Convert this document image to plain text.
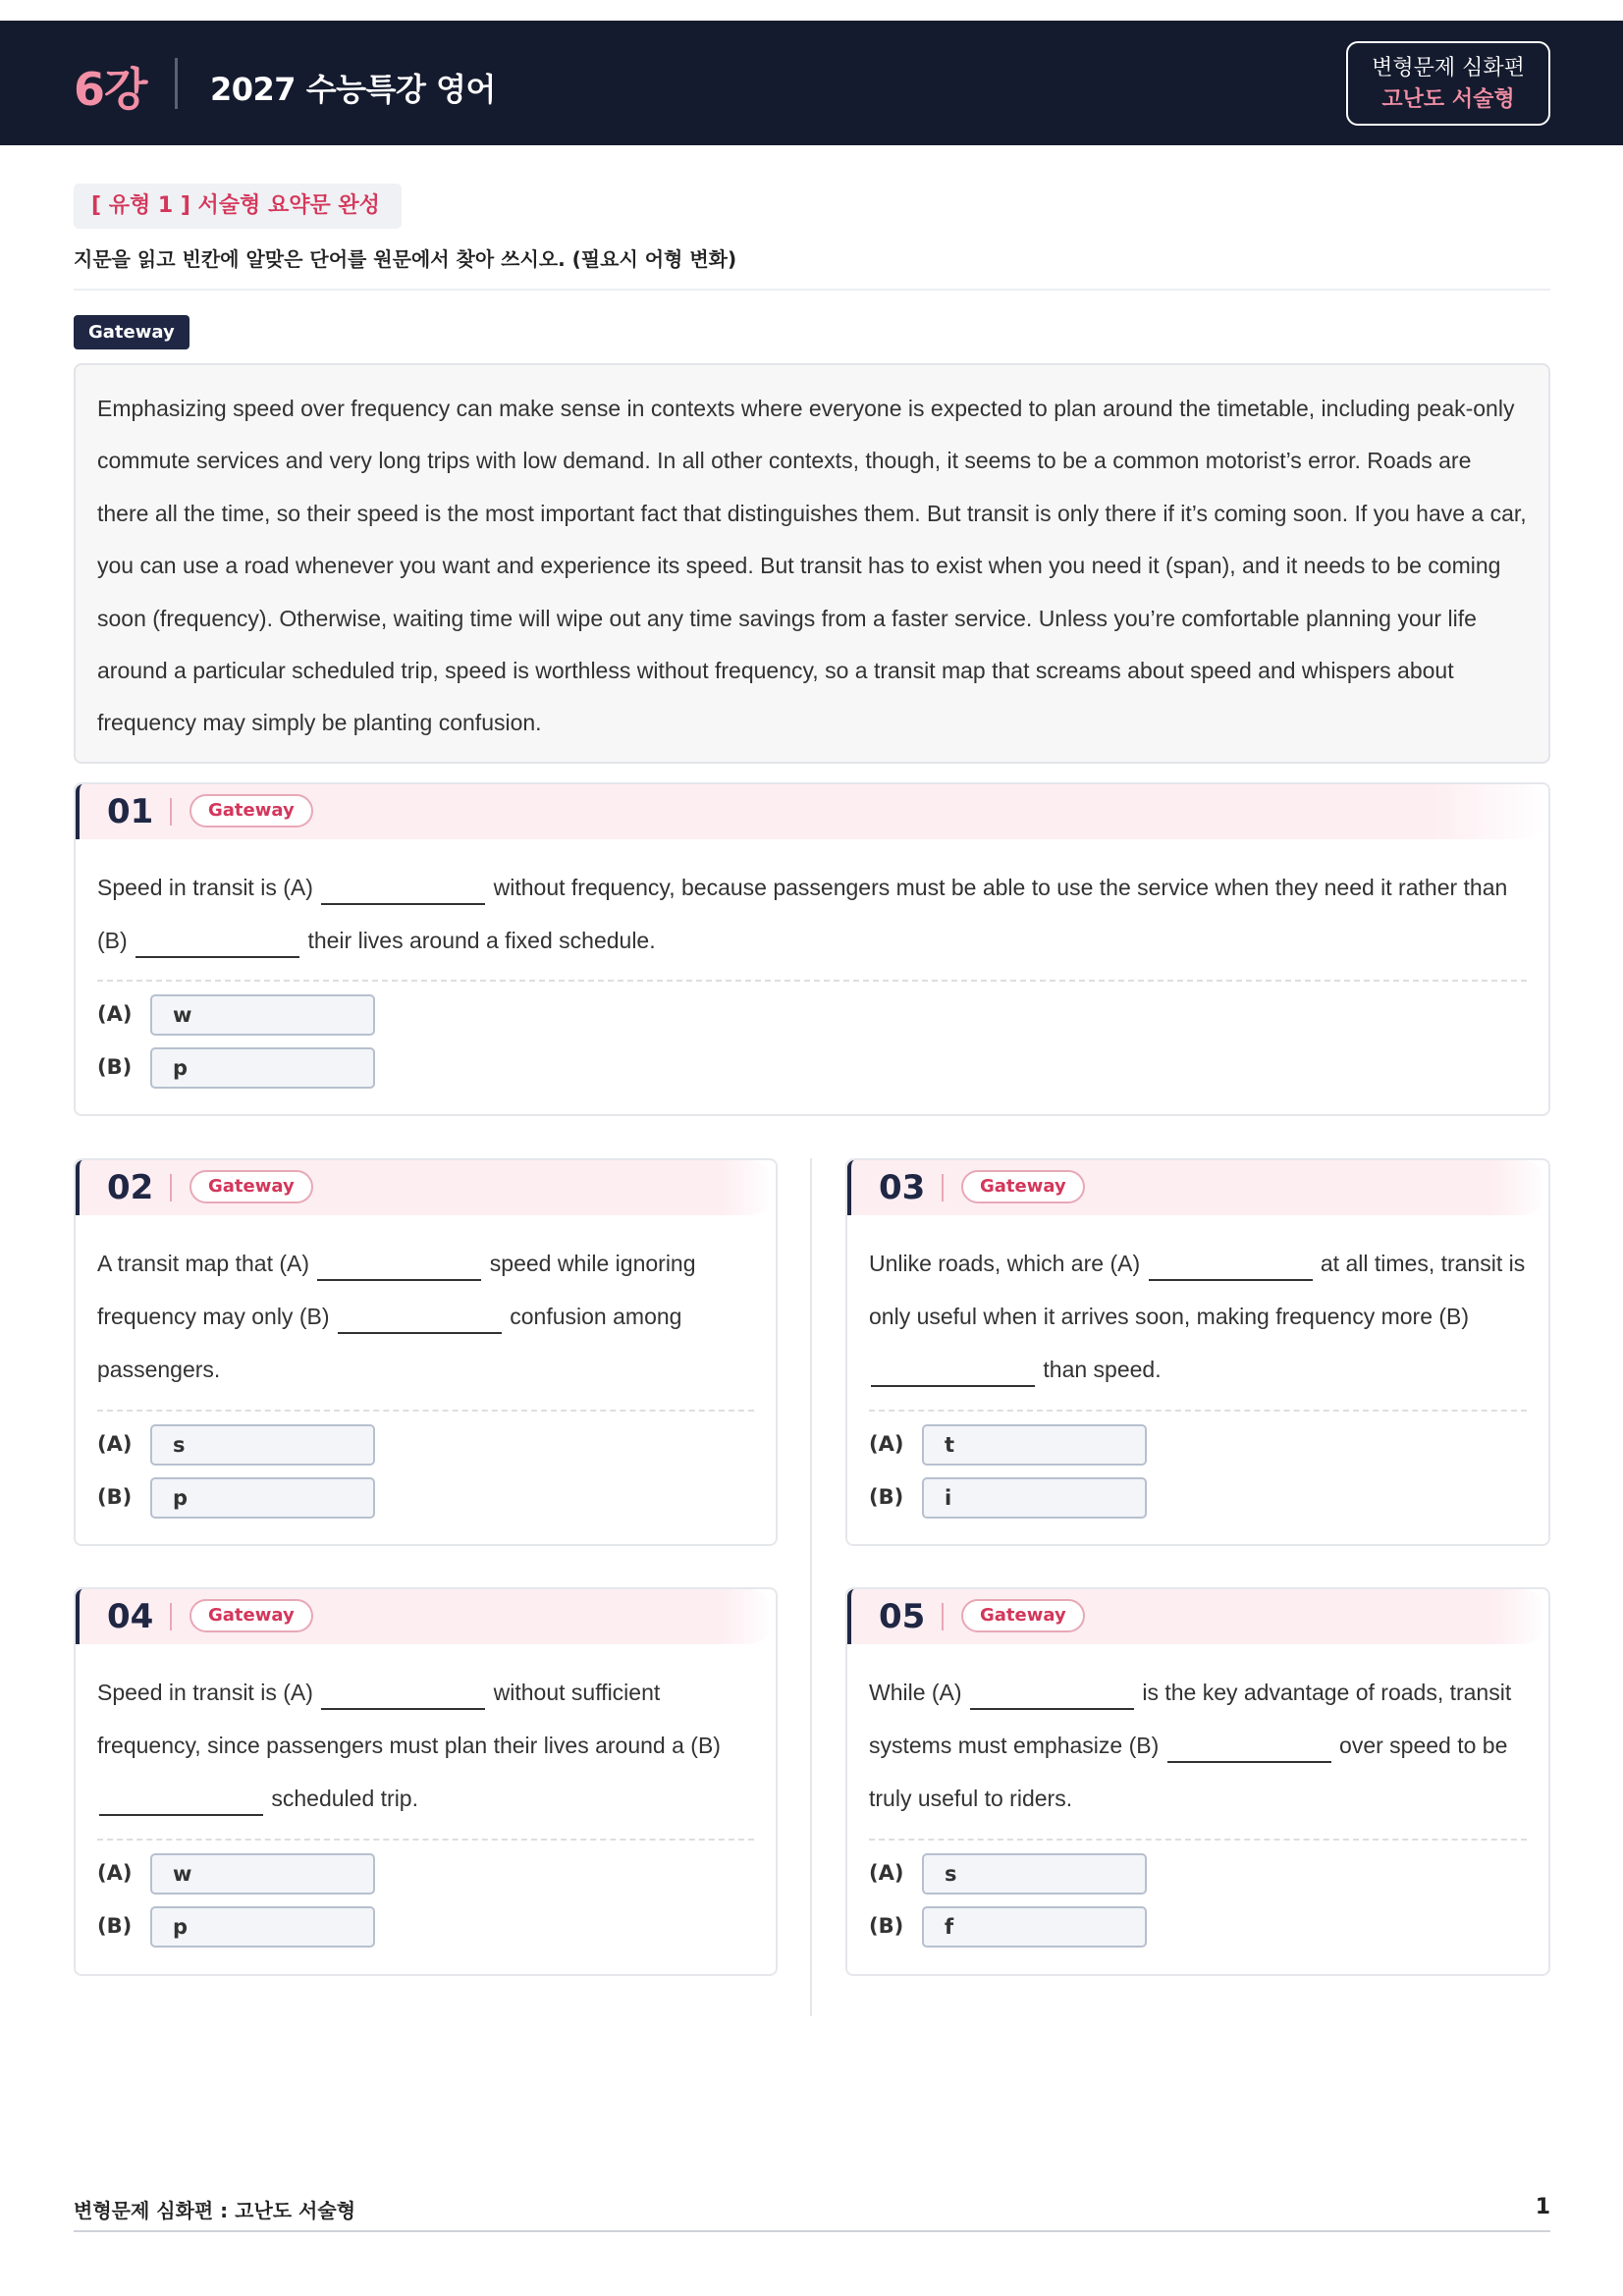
6강 2027 수능특강 영어
변형문제 심화편
고난도 서술형
[ 유형 1 ] 서술형 요약문 완성
지문을 읽고 빈칸에 알맞은 단어를 원문에서 찾아 쓰시오. (필요시 어형 변화)
Gateway

Emphasizing speed over frequency can make sense in contexts where everyone is expected to plan around the timetable, including peak-only commute services and very long trips with low demand. In all other contexts, though, it seems to be a common motorist’s error. Roads are there all the time, so their speed is the most important fact that distinguishes them. But transit is only there if it’s coming soon. If you have a car, you can use a road whenever you want and experience its speed. But transit has to exist when you need it (span), and it needs to be coming soon (frequency). Otherwise, waiting time will wipe out any time savings from a faster service. Unless you’re comfortable planning your life around a particular scheduled trip, speed is worthless without frequency, so a transit map that screams about speed and whispers about frequency may simply be planting confusion.

01	Gateway
Speed in transit is (A)	without frequency, because passengers must be able to use the service when they need it rather than (B)	their lives around a fixed schedule.
(A)	w
(B)	p
02	Gateway
A transit map that (A)	speed while ignoring frequency may only (B)	confusion among passengers.
(A)	s
(B)	p
03	Gateway
Unlike roads, which are (A)	at all times, transit is only useful when it arrives soon, making frequency more (B)  than speed.
(A)	t
(B)	i
04	Gateway
Speed in transit is (A)	without sufficient frequency, since passengers must plan their lives around a (B)  scheduled trip.
(A)	w
(B)	p
05	Gateway
While (A)	is the key advantage of roads, transit systems must emphasize (B)	over speed to be truly useful to riders.
(A)	s
(B)	f
변형문제 심화편 : 고난도 서술형	1
